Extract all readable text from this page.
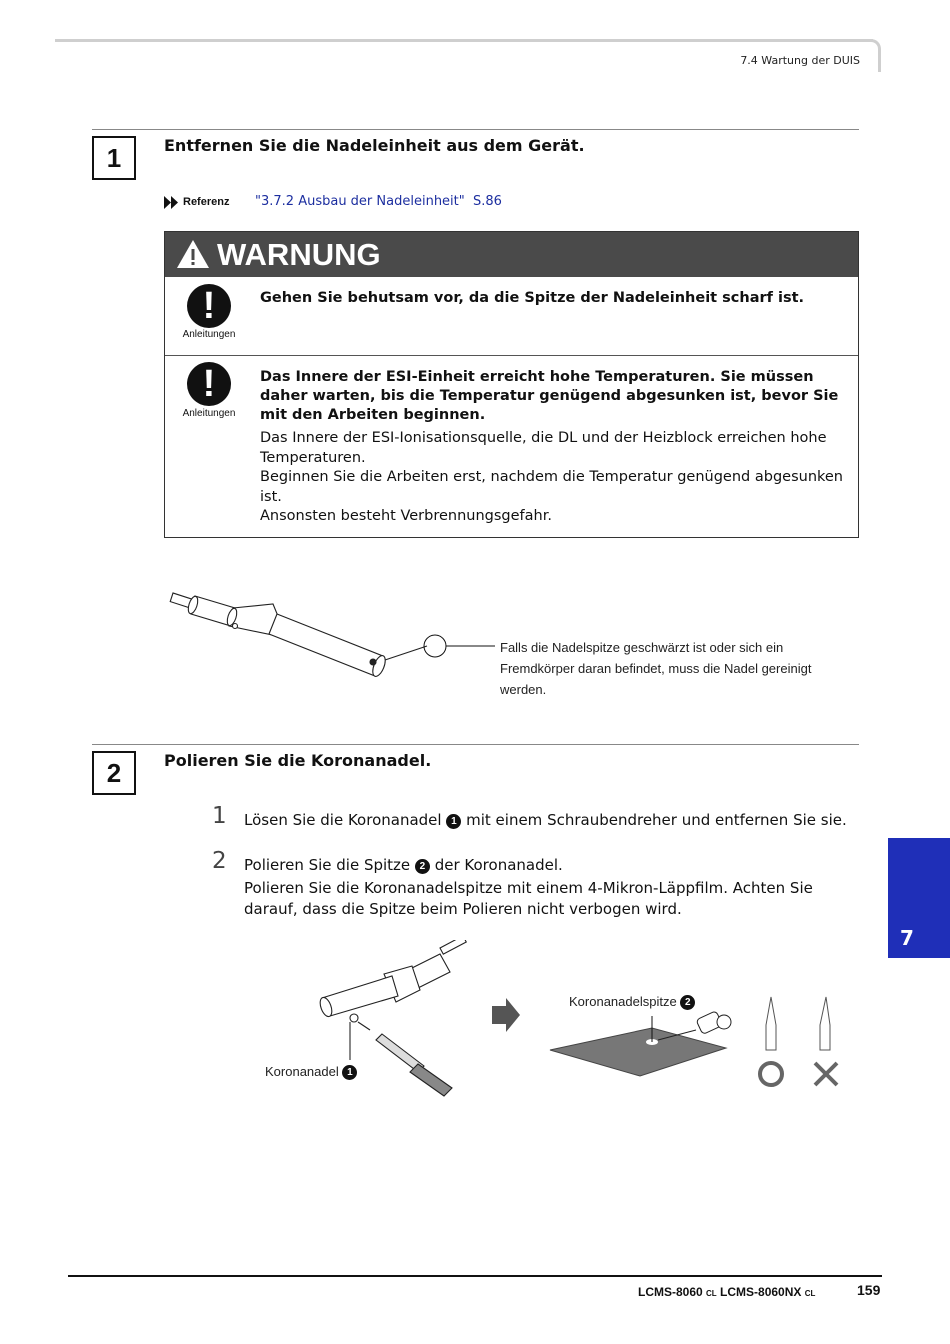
7.4 Wartung der DUIS
1	Entfernen Sie die Nadeleinheit aus dem Gerät.
Referenz "3.7.2 Ausbau der Nadeleinheit" S.86
WARNUNG
!
Anleitungen
Gehen Sie behutsam vor, da die Spitze der Nadeleinheit scharf ist.
!
Anleitungen
Das Innere der ESI-Einheit erreicht hohe Temperaturen. Sie müssen daher warten, bis die Temperatur genügend abgesunken ist, bevor Sie mit den Arbeiten beginnen.
Das Innere der ESI-Ionisationsquelle, die DL und der Heizblock erreichen hohe Temperaturen.
Beginnen Sie die Arbeiten erst, nachdem die Temperatur genügend abgesunken ist.
Ansonsten besteht Verbrennungsgefahr.
Falls die Nadelspitze geschwärzt ist oder sich ein Fremdkörper daran befindet, muss die Nadel gereinigt werden.
2	Polieren Sie die Koronanadel.
1 Lösen Sie die Koronanadel 1 mit einem Schraubendreher und entfernen Sie sie.
2 Polieren Sie die Spitze 2 der Koronanadel.
Polieren Sie die Koronanadelspitze mit einem 4-Mikron-Läppfilm. Achten Sie darauf, dass die Spitze beim Polieren nicht verbogen wird.
Koronanadel 1
Koronanadelspitze 2
7
LCMS-8060 CL LCMS-8060NX CL	159
